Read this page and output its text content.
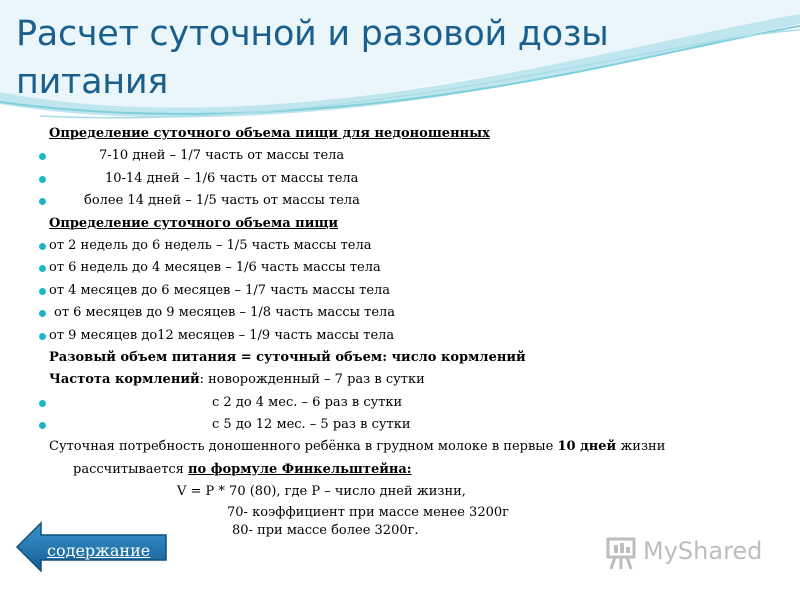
Расчет суточной и разовой дозы питания
Определение суточного объема пищи для недоношенных
7-10 дней – 1/7 часть от массы тела
10-14 дней – 1/6 часть от массы тела
более 14 дней – 1/5 часть от массы тела
Определение суточного объема пищи
от 2 недель до 6 недель – 1/5 часть массы тела
от 6 недель до 4 месяцев – 1/6 часть массы тела
от 4 месяцев до 6 месяцев – 1/7 часть массы тела
от 6 месяцев до 9 месяцев – 1/8 часть массы тела
от 9 месяцев до12 месяцев – 1/9 часть массы тела
Разовый объем питания = суточный объем: число кормлений
Частота кормлений: новорожденный – 7 раз в сутки
с 2 до 4 мес. – 6 раз в сутки
с 5 до 12 мес. – 5 раз в сутки
Суточная потребность доношенного ребёнка в грудном молоке в первые 10 дней жизни
рассчитывается по формуле Финкельштейна:
V = P * 70 (80), где P – число дней жизни,
70- коэффициент при массе менее 3200г
80- при массе более 3200г.
содержание	MyShared
